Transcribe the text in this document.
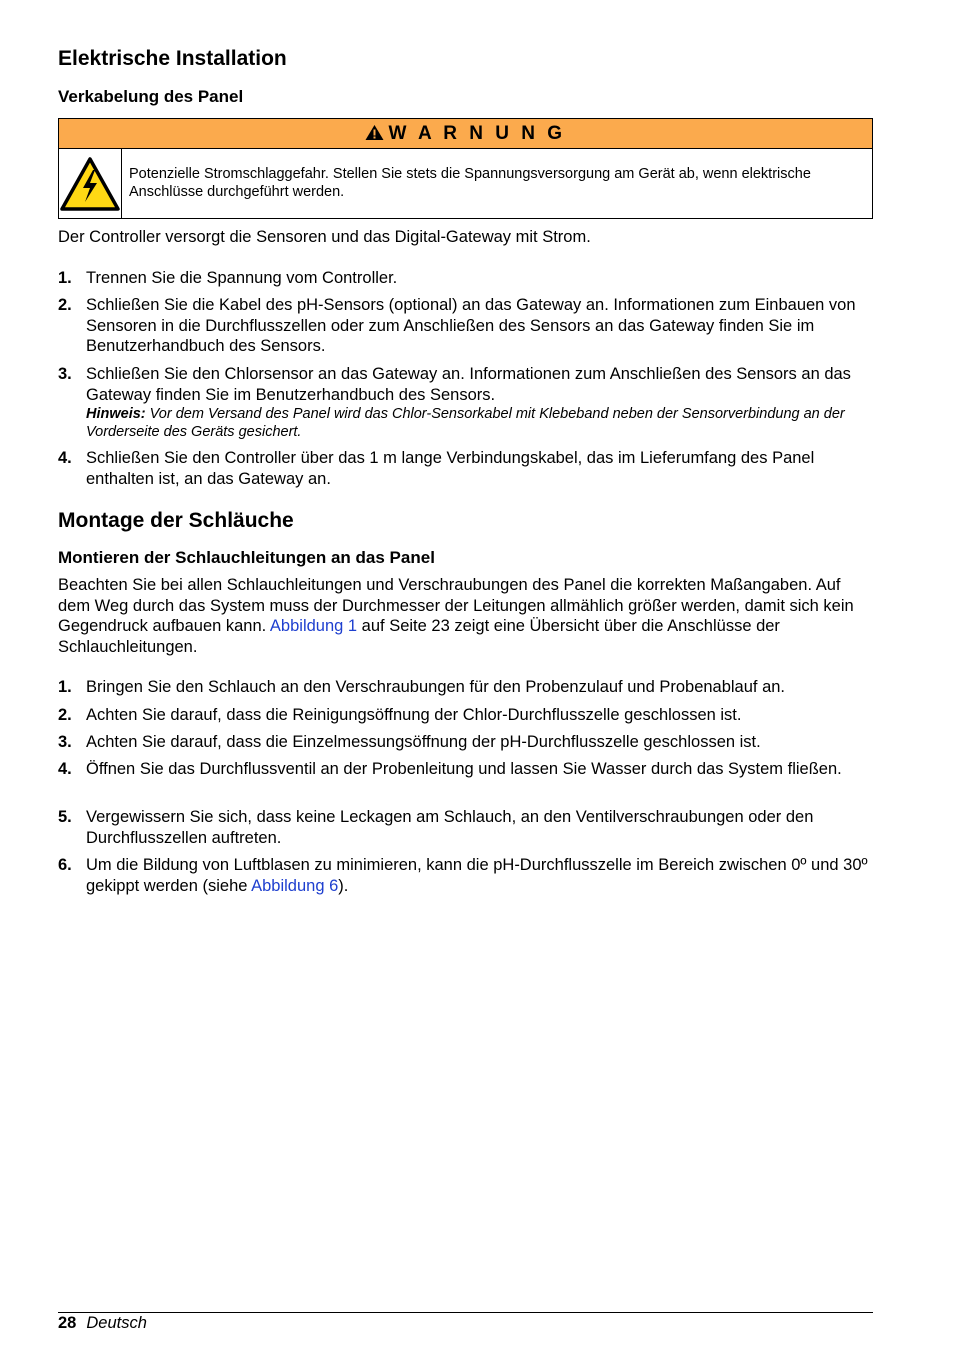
Elektrische Installation
Verkabelung des Panel
W A R N U N G
Potenzielle Stromschlaggefahr. Stellen Sie stets die Spannungsversorgung am Gerät ab, wenn elektrische Anschlüsse durchgeführt werden.

Der Controller versorgt die Sensoren und das Digital-Gateway mit Strom.

1. Trennen Sie die Spannung vom Controller.
2. Schließen Sie die Kabel des pH-Sensors (optional) an das Gateway an. Informationen zum Einbauen von Sensoren in die Durchflusszellen oder zum Anschließen des Sensors an das Gateway finden Sie im Benutzerhandbuch des Sensors.
3. Schließen Sie den Chlorsensor an das Gateway an. Informationen zum Anschließen des Sensors an das Gateway finden Sie im Benutzerhandbuch des Sensors.
Hinweis: Vor dem Versand des Panel wird das Chlor-Sensorkabel mit Klebeband neben der Sensorverbindung an der Vorderseite des Geräts gesichert.
4. Schließen Sie den Controller über das 1 m lange Verbindungskabel, das im Lieferumfang des Panel enthalten ist, an das Gateway an.
Montage der Schläuche
Montieren der Schlauchleitungen an das Panel

Beachten Sie bei allen Schlauchleitungen und Verschraubungen des Panel die korrekten Maßangaben. Auf dem Weg durch das System muss der Durchmesser der Leitungen allmählich größer werden, damit sich kein Gegendruck aufbauen kann. Abbildung 1 auf Seite 23 zeigt eine Übersicht über die Anschlüsse der Schlauchleitungen.

1. Bringen Sie den Schlauch an den Verschraubungen für den Probenzulauf und Probenablauf an.
2. Achten Sie darauf, dass die Reinigungsöffnung der Chlor-Durchflusszelle geschlossen ist.
3. Achten Sie darauf, dass die Einzelmessungsöffnung der pH-Durchflusszelle geschlossen ist.
4. Öffnen Sie das Durchflussventil an der Probenleitung und lassen Sie Wasser durch das System fließen.
5. Vergewissern Sie sich, dass keine Leckagen am Schlauch, an den Ventilverschraubungen oder den Durchflusszellen auftreten.
6. Um die Bildung von Luftblasen zu minimieren, kann die pH-Durchflusszelle im Bereich zwischen 0º und 30º gekippt werden (siehe Abbildung 6).
28 Deutsch
